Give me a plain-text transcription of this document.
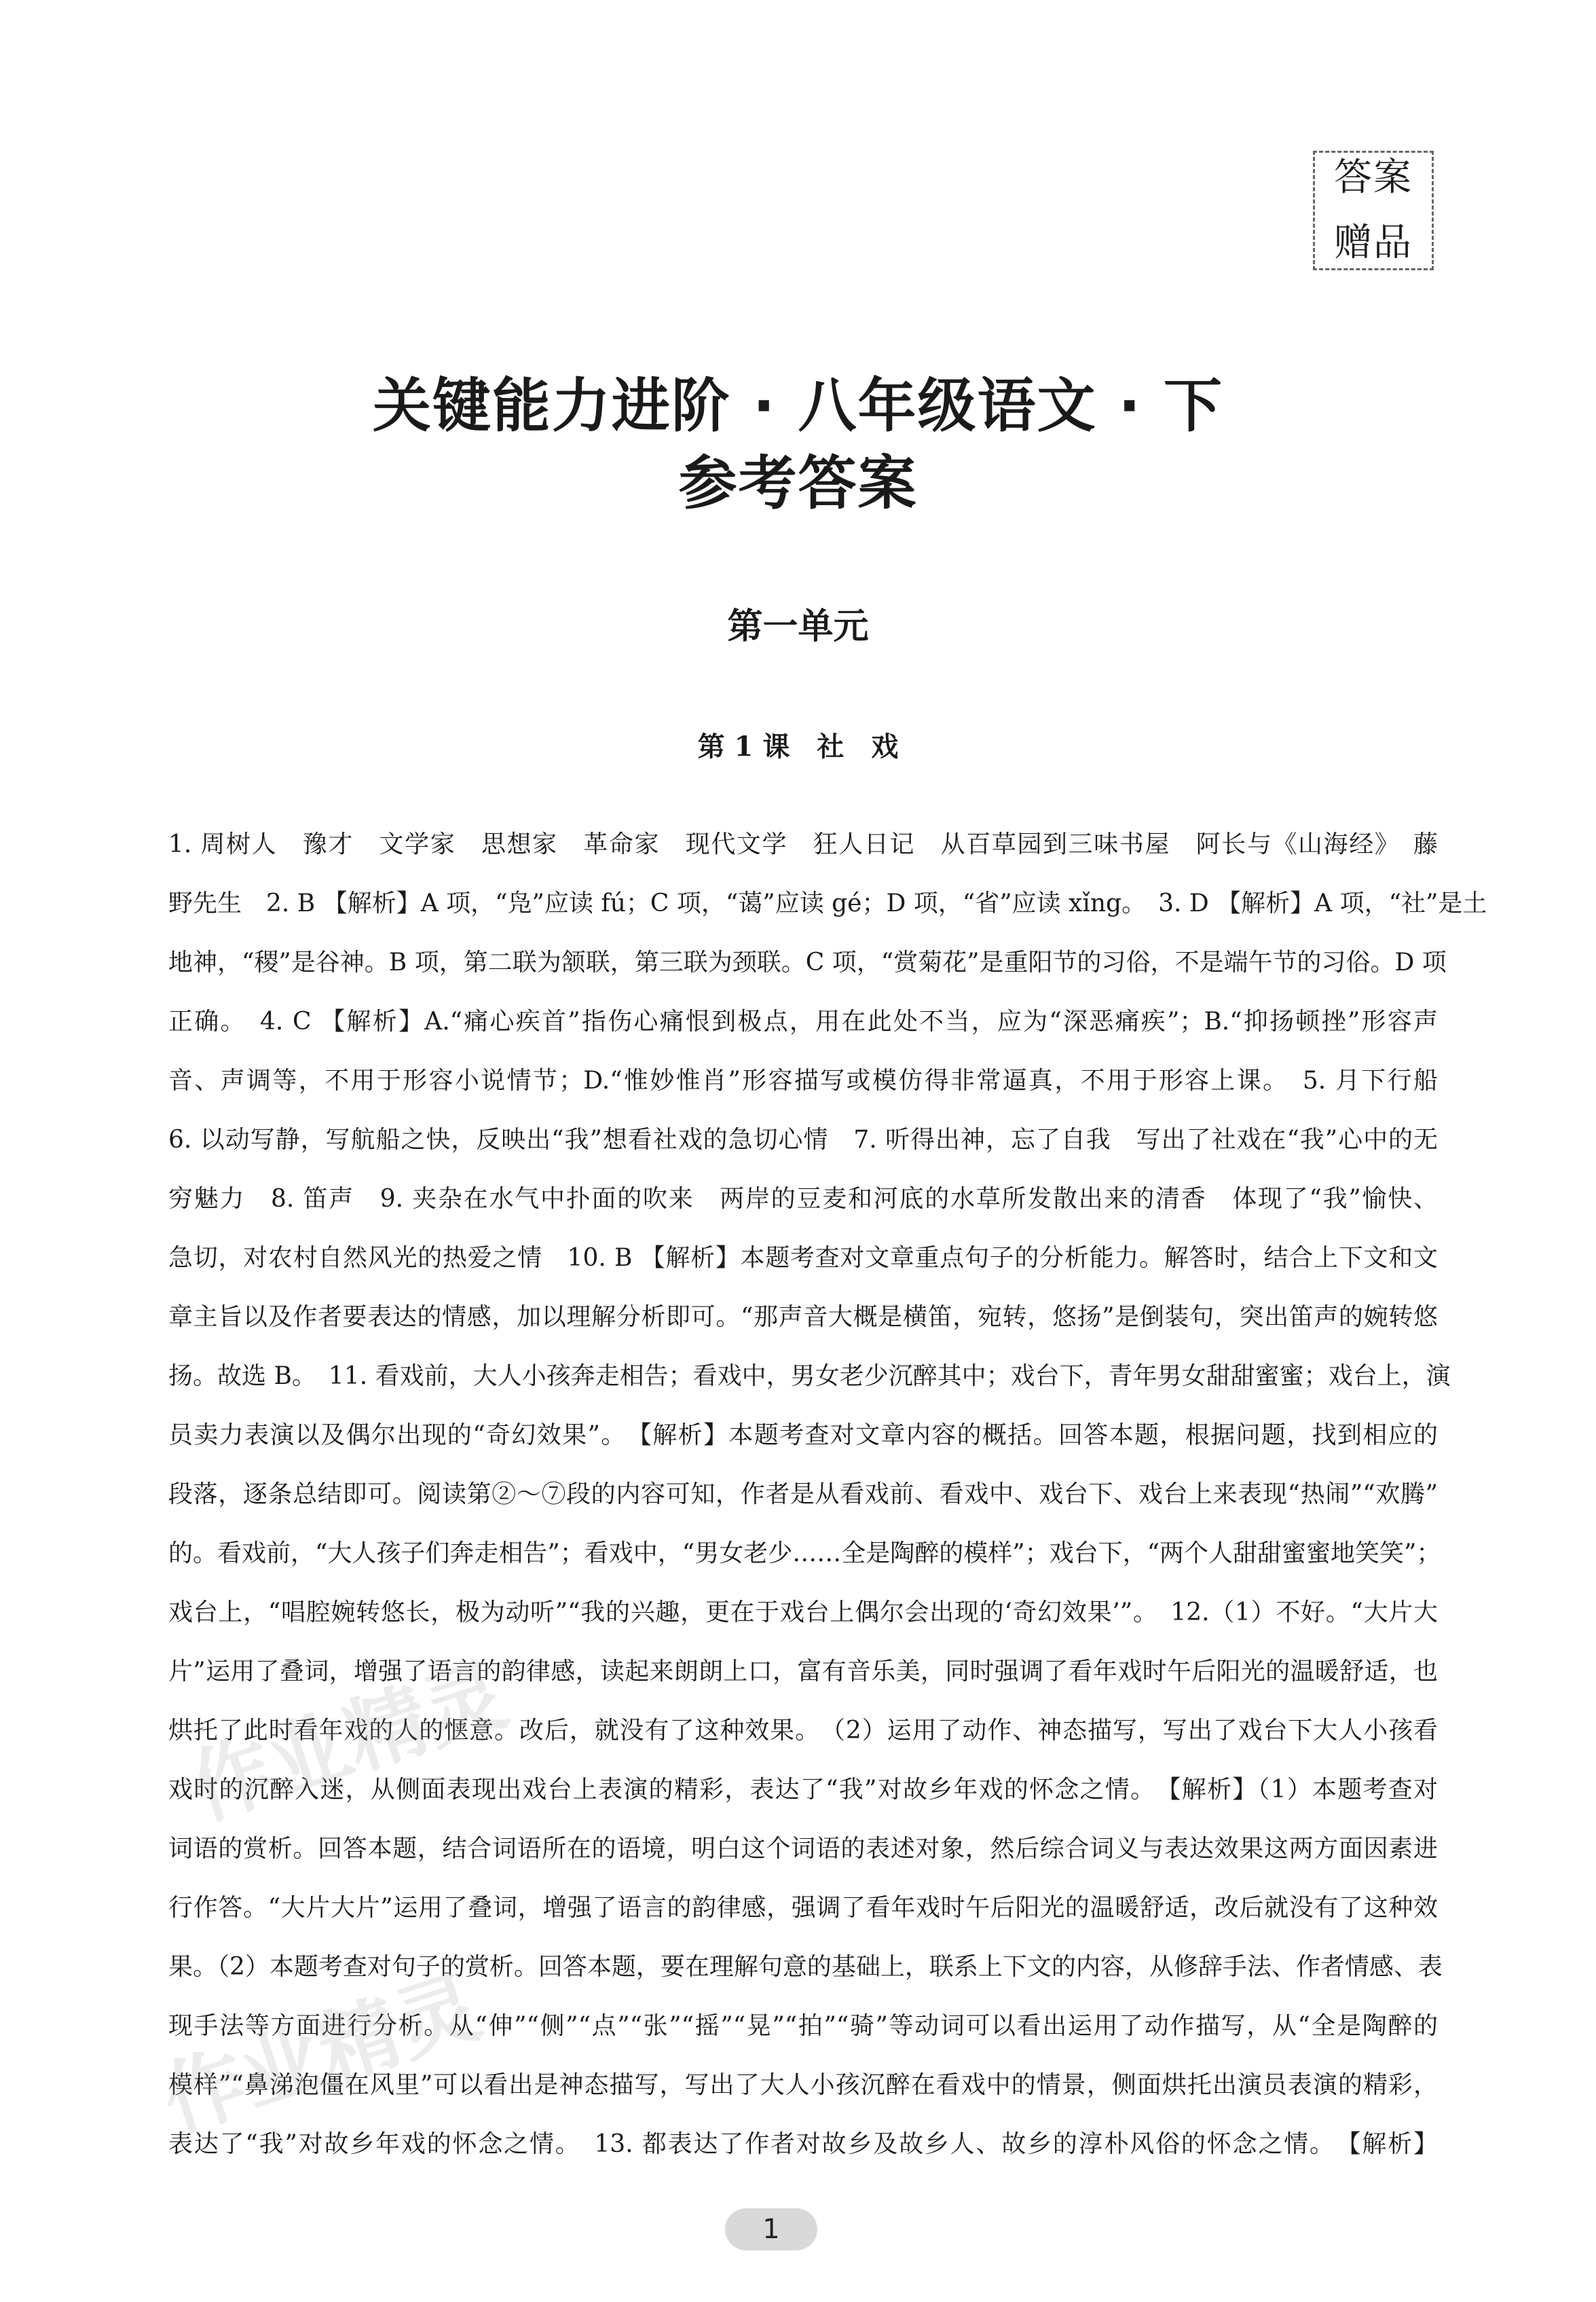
答案
赠品
关键能力进阶 · 八年级语文 · 下
参考答案
第一单元
第 1 课　社　戏
1. 周树人　豫才　文学家　思想家　革命家　现代文学　狂人日记　从百草园到三味书屋　阿长与《山海经》　藤
野先生　2. B 【解析】A 项，“凫”应读 fú；C 项，“蔼”应读 gé；D 项，“省”应读 xǐng。　3. D 【解析】A 项，“社”是土
地神，“稷”是谷神。B 项，第二联为颔联，第三联为颈联。C 项，“赏菊花”是重阳节的习俗，不是端午节的习俗。D 项
正确。　4. C 【解析】A.“痛心疾首”指伤心痛恨到极点，用在此处不当，应为“深恶痛疾”；B.“抑扬顿挫”形容声
音、声调等，不用于形容小说情节；D.“惟妙惟肖”形容描写或模仿得非常逼真，不用于形容上课。　5. 月下行船
6. 以动写静，写航船之快，反映出“我”想看社戏的急切心情　7. 听得出神，忘了自我　写出了社戏在“我”心中的无
穷魅力　8. 笛声　9. 夹杂在水气中扑面的吹来　两岸的豆麦和河底的水草所发散出来的清香　体现了“我”愉快、
急切，对农村自然风光的热爱之情　10. B 【解析】本题考查对文章重点句子的分析能力。解答时，结合上下文和文
章主旨以及作者要表达的情感，加以理解分析即可。“那声音大概是横笛，宛转，悠扬”是倒装句，突出笛声的婉转悠
扬。故选 B。　11. 看戏前，大人小孩奔走相告；看戏中，男女老少沉醉其中；戏台下，青年男女甜甜蜜蜜；戏台上，演
员卖力表演以及偶尔出现的“奇幻效果”。　【解析】本题考查对文章内容的概括。回答本题，根据问题，找到相应的
段落，逐条总结即可。阅读第②～⑦段的内容可知，作者是从看戏前、看戏中、戏台下、戏台上来表现“热闹”“欢腾”
的。看戏前，“大人孩子们奔走相告”；看戏中，“男女老少……全是陶醉的模样”；戏台下，“两个人甜甜蜜蜜地笑笑”；
戏台上，“唱腔婉转悠长，极为动听”“我的兴趣，更在于戏台上偶尔会出现的‘奇幻效果’”。　12.（1）不好。“大片大
片”运用了叠词，增强了语言的韵律感，读起来朗朗上口，富有音乐美，同时强调了看年戏时午后阳光的温暖舒适，也
烘托了此时看年戏的人的惬意。改后，就没有了这种效果。　（2）运用了动作、神态描写，写出了戏台下大人小孩看
戏时的沉醉入迷，从侧面表现出戏台上表演的精彩，表达了“我”对故乡年戏的怀念之情。　【解析】（1）本题考查对
词语的赏析。回答本题，结合词语所在的语境，明白这个词语的表述对象，然后综合词义与表达效果这两方面因素进
行作答。“大片大片”运用了叠词，增强了语言的韵律感，强调了看年戏时午后阳光的温暖舒适，改后就没有了这种效
果。（2）本题考查对句子的赏析。回答本题，要在理解句意的基础上，联系上下文的内容，从修辞手法、作者情感、表
现手法等方面进行分析。从“伸”“侧”“点”“张”“摇”“晃”“拍”“骑”等动词可以看出运用了动作描写，从“全是陶醉的
模样”“鼻涕泡僵在风里”可以看出是神态描写，写出了大人小孩沉醉在看戏中的情景，侧面烘托出演员表演的精彩，
表达了“我”对故乡年戏的怀念之情。　13. 都表达了作者对故乡及故乡人、故乡的淳朴风俗的怀念之情。　【解析】
作业精灵
作业精灵
1
